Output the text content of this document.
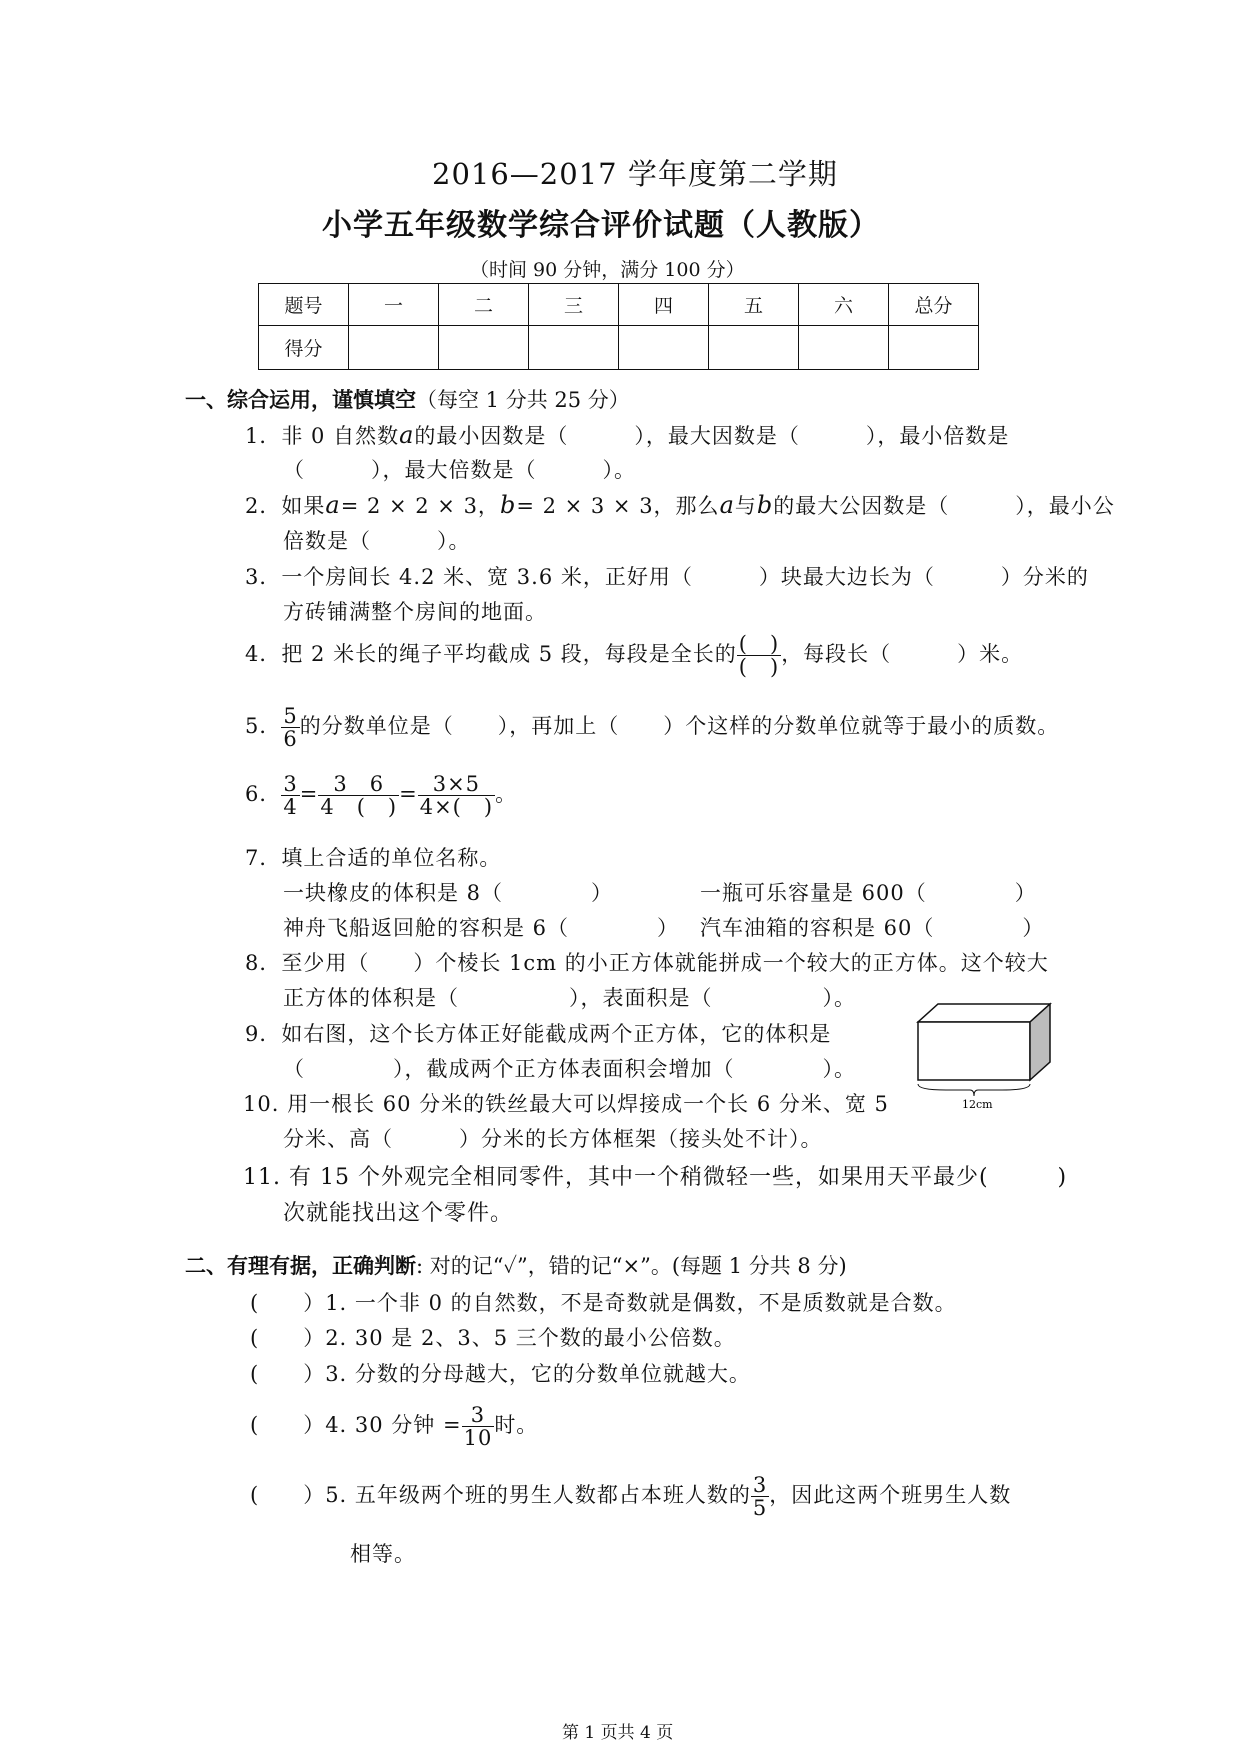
2016—2017 学年度第二学期
小学五年级数学综合评价试题（人教版）
（时间 90 分钟，满分 100 分）
题号	一	二	三	四	五	六	总分
得分							
一、综合运用，谨慎填空（每空 1 分共 25 分）
1．非 0 自然数a的最小因数是（　　　），最大因数是（　　　），最小倍数是
（　　　），最大倍数是（　　　）。
2．如果a= 2 × 2 × 3，b= 2 × 3 × 3，那么a与b的最大公因数是（　　　），最小公
倍数是（　　　）。
3．一个房间长 4.2 米、宽 3.6 米，正好用（　　　）块最大边长为（　　　）分米的
方砖铺满整个房间的地面。
4．把 2 米长的绳子平均截成 5 段，每段是全长的 $\frac{( )}{( )}$ ，每段长（　　　）米。
5． $\frac{5}{6}$ 的分数单位是（　　），再加上（　　）个这样的分数单位就等于最小的质数。
6． $\frac{3}{4} = \frac{3 6}{4 ( )} = \frac{3\times 5}{4\times( )}$ 。
7．填上合适的单位名称。
一块橡皮的体积是 8（　　　　）	一瓶可乐容量是 600（　　　　）
神舟飞船返回舱的容积是 6（　　　　） 汽车油箱的容积是 60（　　　　）
8．至少用（　　）个棱长 1cm 的小正方体就能拼成一个较大的正方体。这个较大
正方体的体积是（　　　　　），表面积是（　　　　　）。
9．如右图，这个长方体正好能截成两个正方体，它的体积是
（　　　　），截成两个正方体表面积会增加（　　　　）。
12cm
10. 用一根长 60 分米的铁丝最大可以焊接成一个长 6 分米、宽 5
分米、高（　　　）分米的长方体框架（接头处不计）。
11. 有 15 个外观完全相同零件，其中一个稍微轻一些，如果用天平最少(　　　)
次就能找出这个零件。
二、有理有据，正确判断: 对的记“✓”，错的记“×”。(每题 1 分共 8 分)
(　　）1. 一个非 0 的自然数，不是奇数就是偶数，不是质数就是合数。
(　　）2. 30 是 2、3、5 三个数的最小公倍数。
(　　）3. 分数的分母越大，它的分数单位就越大。
(　　）4. 30 分钟 = $\frac{3}{10}$ 时。
(　　）5. 五年级两个班的男生人数都占本班人数的 $\frac{3}{5}$ ，因此这两个班男生人数
相等。
第 1 页共 4 页
